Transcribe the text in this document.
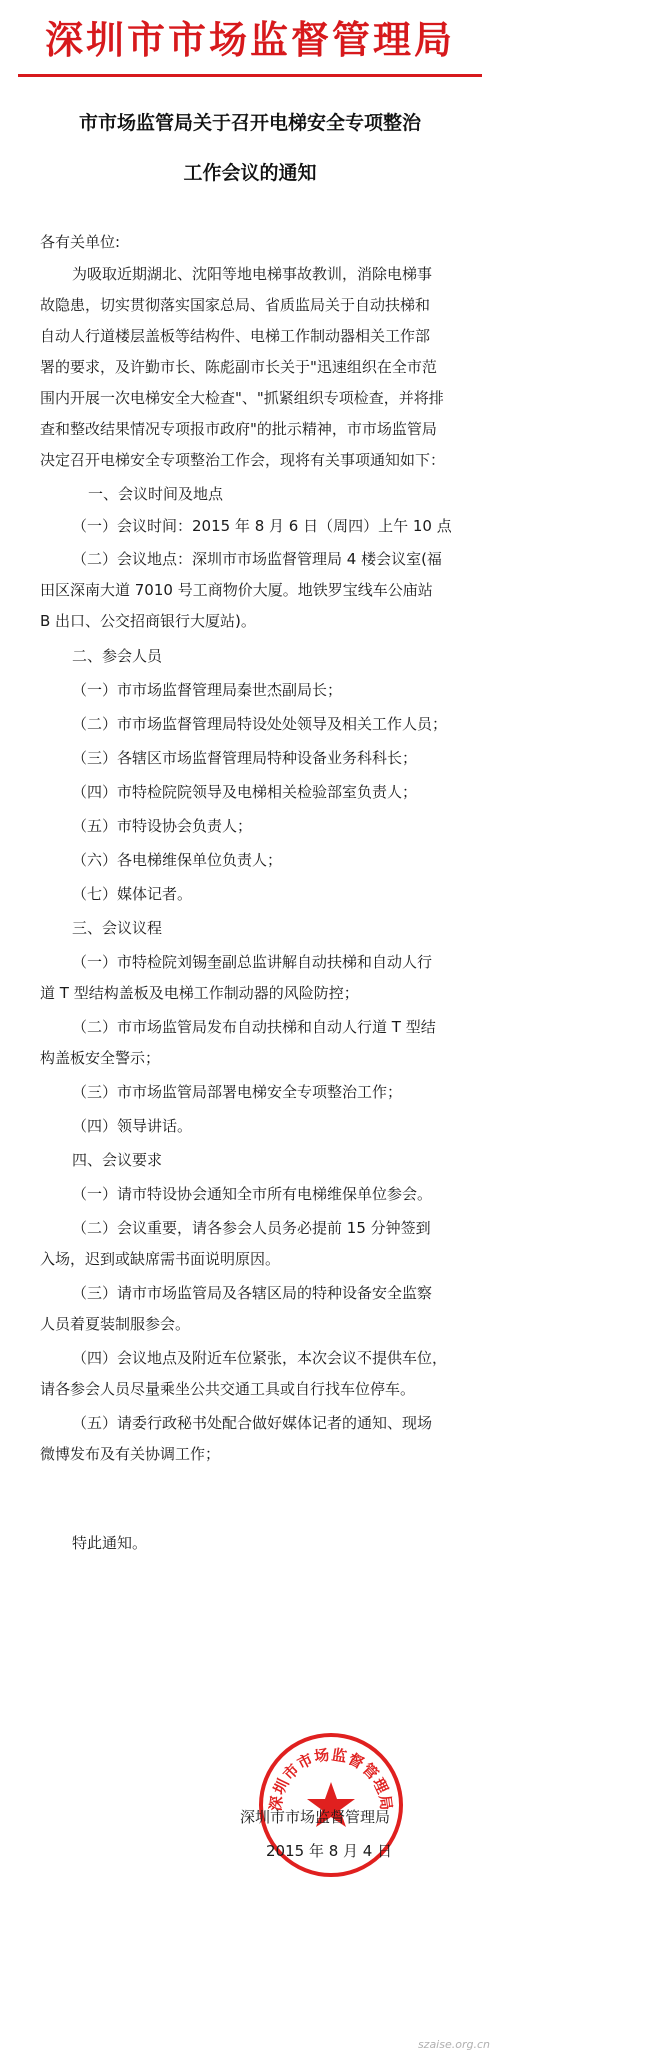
深圳市市场监督管理局
市市场监管局关于召开电梯安全专项整治
工作会议的通知
各有关单位:
为吸取近期湖北、沈阳等地电梯事故教训，消除电梯事
故隐患，切实贯彻落实国家总局、省质监局关于自动扶梯和
自动人行道楼层盖板等结构件、电梯工作制动器相关工作部
署的要求，及许勤市长、陈彪副市长关于"迅速组织在全市范
围内开展一次电梯安全大检查"、"抓紧组织专项检查，并将排
查和整改结果情况专项报市政府"的批示精神，市市场监管局
决定召开电梯安全专项整治工作会，现将有关事项通知如下：
一、会议时间及地点
（一）会议时间：2015 年 8 月 6 日（周四）上午 10 点
（二）会议地点：深圳市市场监督管理局 4 楼会议室(福
田区深南大道 7010 号工商物价大厦。地铁罗宝线车公庙站
B 出口、公交招商银行大厦站)。
二、参会人员
（一）市市场监督管理局秦世杰副局长；
（二）市市场监督管理局特设处处领导及相关工作人员；
（三）各辖区市场监督管理局特种设备业务科科长；
（四）市特检院院领导及电梯相关检验部室负责人；
（五）市特设协会负责人；
（六）各电梯维保单位负责人；
（七）媒体记者。
三、会议议程
（一）市特检院刘锡奎副总监讲解自动扶梯和自动人行
道 T 型结构盖板及电梯工作制动器的风险防控；
（二）市市场监管局发布自动扶梯和自动人行道 T 型结
构盖板安全警示；
（三）市市场监管局部署电梯安全专项整治工作；
（四）领导讲话。
四、会议要求
（一）请市特设协会通知全市所有电梯维保单位参会。
（二）会议重要，请各参会人员务必提前 15 分钟签到
入场，迟到或缺席需书面说明原因。
（三）请市市场监管局及各辖区局的特种设备安全监察
人员着夏装制服参会。
（四）会议地点及附近车位紧张，本次会议不提供车位，
请各参会人员尽量乘坐公共交通工具或自行找车位停车。
（五）请委行政秘书处配合做好媒体记者的通知、现场
微博发布及有关协调工作；
特此通知。
深圳市市场监督管理局
深圳市市场监督管理局
2015 年 8 月 4 日
szaise.org.cn
